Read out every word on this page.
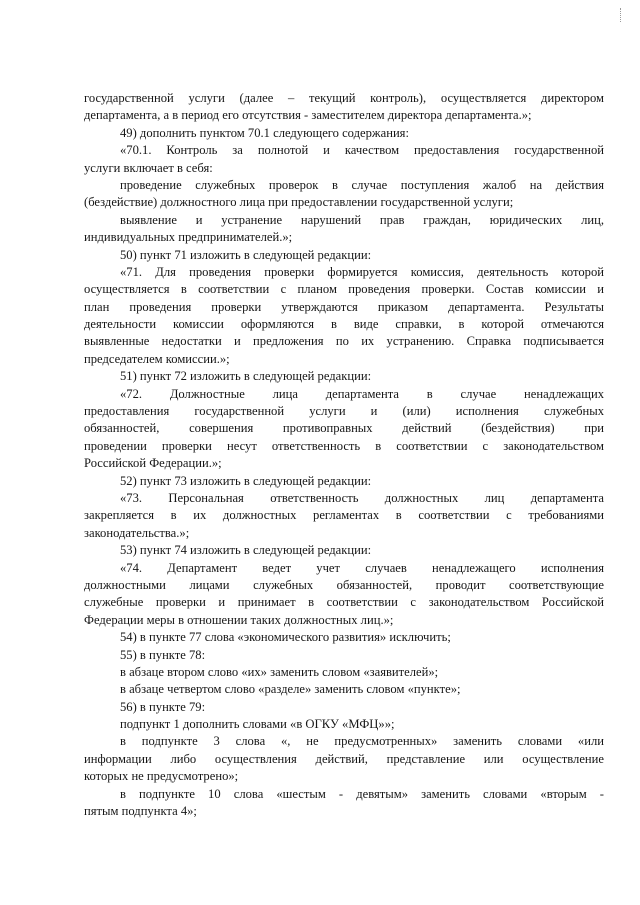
государственной услуги (далее – текущий контроль), осуществляется директором
департамента, а в период его отсутствия - заместителем директора департамента.»;
49) дополнить пунктом 70.1 следующего содержания:
«70.1. Контроль за полнотой и качеством предоставления государственной
услуги включает в себя:
проведение служебных проверок в случае поступления жалоб на действия
(бездействие) должностного лица при предоставлении государственной услуги;
выявление и устранение нарушений прав граждан, юридических лиц,
индивидуальных предпринимателей.»;
50) пункт 71 изложить в следующей редакции:
«71. Для проведения проверки формируется комиссия, деятельность которой
осуществляется в соответствии с планом проведения проверки. Состав комиссии и
план проведения проверки утверждаются приказом департамента. Результаты
деятельности комиссии оформляются в виде справки, в которой отмечаются
выявленные недостатки и предложения по их устранению. Справка подписывается
председателем комиссии.»;
51) пункт 72 изложить в следующей редакции:
«72. Должностные лица департамента в случае ненадлежащих
предоставления государственной услуги и (или) исполнения служебных
обязанностей, совершения противоправных действий (бездействия) при
проведении проверки несут ответственность в соответствии с законодательством
Российской Федерации.»;
52) пункт 73 изложить в следующей редакции:
«73. Персональная ответственность должностных лиц департамента
закрепляется в их должностных регламентах в соответствии с требованиями
законодательства.»;
53) пункт 74 изложить в следующей редакции:
«74. Департамент ведет учет случаев ненадлежащего исполнения
должностными лицами служебных обязанностей, проводит соответствующие
служебные проверки и принимает в соответствии с законодательством Российской
Федерации меры в отношении таких должностных лиц.»;
54) в пункте 77 слова «экономического развития» исключить;
55) в пункте 78:
в абзаце втором слово «их» заменить словом «заявителей»;
в абзаце четвертом слово «разделе» заменить словом «пункте»;
56) в пункте 79:
подпункт 1 дополнить словами «в ОГКУ «МФЦ»»;
в подпункте 3 слова «, не предусмотренных» заменить словами «или
информации либо осуществления действий, представление или осуществление
которых не предусмотрено»;
в подпункте 10 слова «шестым - девятым» заменить словами «вторым -
пятым подпункта 4»;
